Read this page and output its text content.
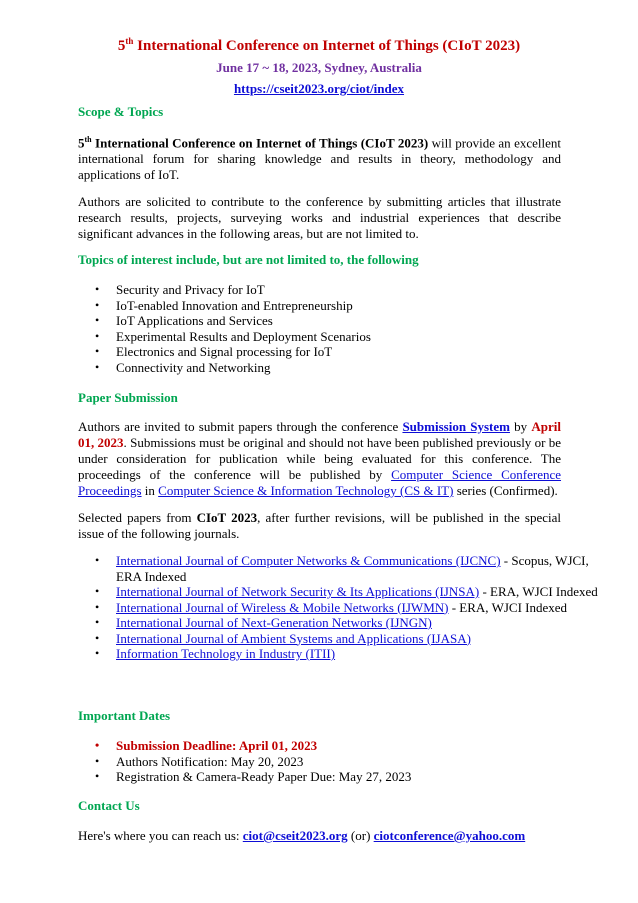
5th International Conference on Internet of Things (CIoT 2023)
June 17 ~ 18, 2023, Sydney, Australia
https://cseit2023.org/ciot/index
Scope & Topics
5th International Conference on Internet of Things (CIoT 2023) will provide an excellent international forum for sharing knowledge and results in theory, methodology and applications of IoT.
Authors are solicited to contribute to the conference by submitting articles that illustrate research results, projects, surveying works and industrial experiences that describe significant advances in the following areas, but are not limited to.
Topics of interest include, but are not limited to, the following
• Security and Privacy for IoT
• IoT-enabled Innovation and Entrepreneurship
• IoT Applications and Services
• Experimental Results and Deployment Scenarios
• Electronics and Signal processing for IoT
• Connectivity and Networking
Paper Submission
Authors are invited to submit papers through the conference Submission System by April 01, 2023. Submissions must be original and should not have been published previously or be under consideration for publication while being evaluated for this conference. The proceedings of the conference will be published by Computer Science Conference Proceedings in Computer Science & Information Technology (CS & IT) series (Confirmed).
Selected papers from CIoT 2023, after further revisions, will be published in the special issue of the following journals.
• International Journal of Computer Networks & Communications (IJCNC) - Scopus, WJCI, ERA Indexed
• International Journal of Network Security & Its Applications (IJNSA) - ERA, WJCI Indexed
• International Journal of Wireless & Mobile Networks (IJWMN) - ERA, WJCI Indexed
• International Journal of Next-Generation Networks (IJNGN)
• International Journal of Ambient Systems and Applications (IJASA)
• Information Technology in Industry (ITII)
Important Dates
• Submission Deadline: April 01, 2023
• Authors Notification: May 20, 2023
• Registration & Camera-Ready Paper Due: May 27, 2023
Contact Us
Here's where you can reach us: ciot@cseit2023.org (or) ciotconference@yahoo.com
